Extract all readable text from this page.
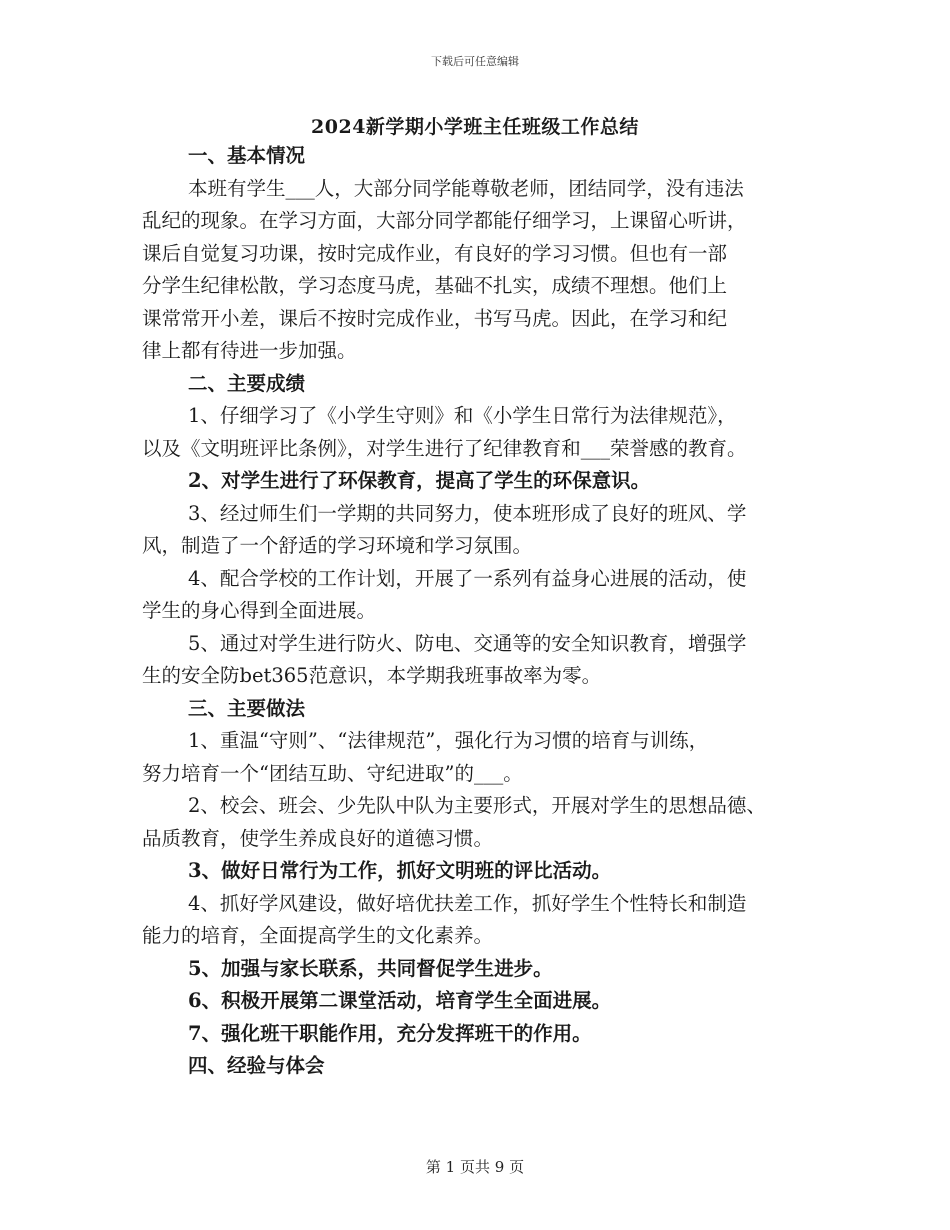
下载后可任意编辑
2024新学期小学班主任班级工作总结
一、基本情况
本班有学生___人，大部分同学能尊敬老师，团结同学，没有违法
乱纪的现象。在学习方面，大部分同学都能仔细学习，上课留心听讲，
课后自觉复习功课，按时完成作业，有良好的学习习惯。但也有一部
分学生纪律松散，学习态度马虎，基础不扎实，成绩不理想。他们上
课常常开小差，课后不按时完成作业，书写马虎。因此，在学习和纪
律上都有待进一步加强。
二、主要成绩
1、仔细学习了《小学生守则》和《小学生日常行为法律规范》，
以及《文明班评比条例》，对学生进行了纪律教育和___荣誉感的教育。
2、对学生进行了环保教育，提高了学生的环保意识。
3、经过师生们一学期的共同努力，使本班形成了良好的班风、学
风，制造了一个舒适的学习环境和学习氛围。
4、配合学校的工作计划，开展了一系列有益身心进展的活动，使
学生的身心得到全面进展。
5、通过对学生进行防火、防电、交通等的安全知识教育，增强学
生的安全防bet365范意识，本学期我班事故率为零。
三、主要做法
1、重温“守则”、“法律规范”，强化行为习惯的培育与训练，
努力培育一个“团结互助、守纪进取”的___。
2、校会、班会、少先队中队为主要形式，开展对学生的思想品德、
品质教育，使学生养成良好的道德习惯。
3、做好日常行为工作，抓好文明班的评比活动。
4、抓好学风建设，做好培优扶差工作，抓好学生个性特长和制造
能力的培育，全面提高学生的文化素养。
5、加强与家长联系，共同督促学生进步。
6、积极开展第二课堂活动，培育学生全面进展。
7、强化班干职能作用，充分发挥班干的作用。
四、经验与体会
第 1 页共 9 页
